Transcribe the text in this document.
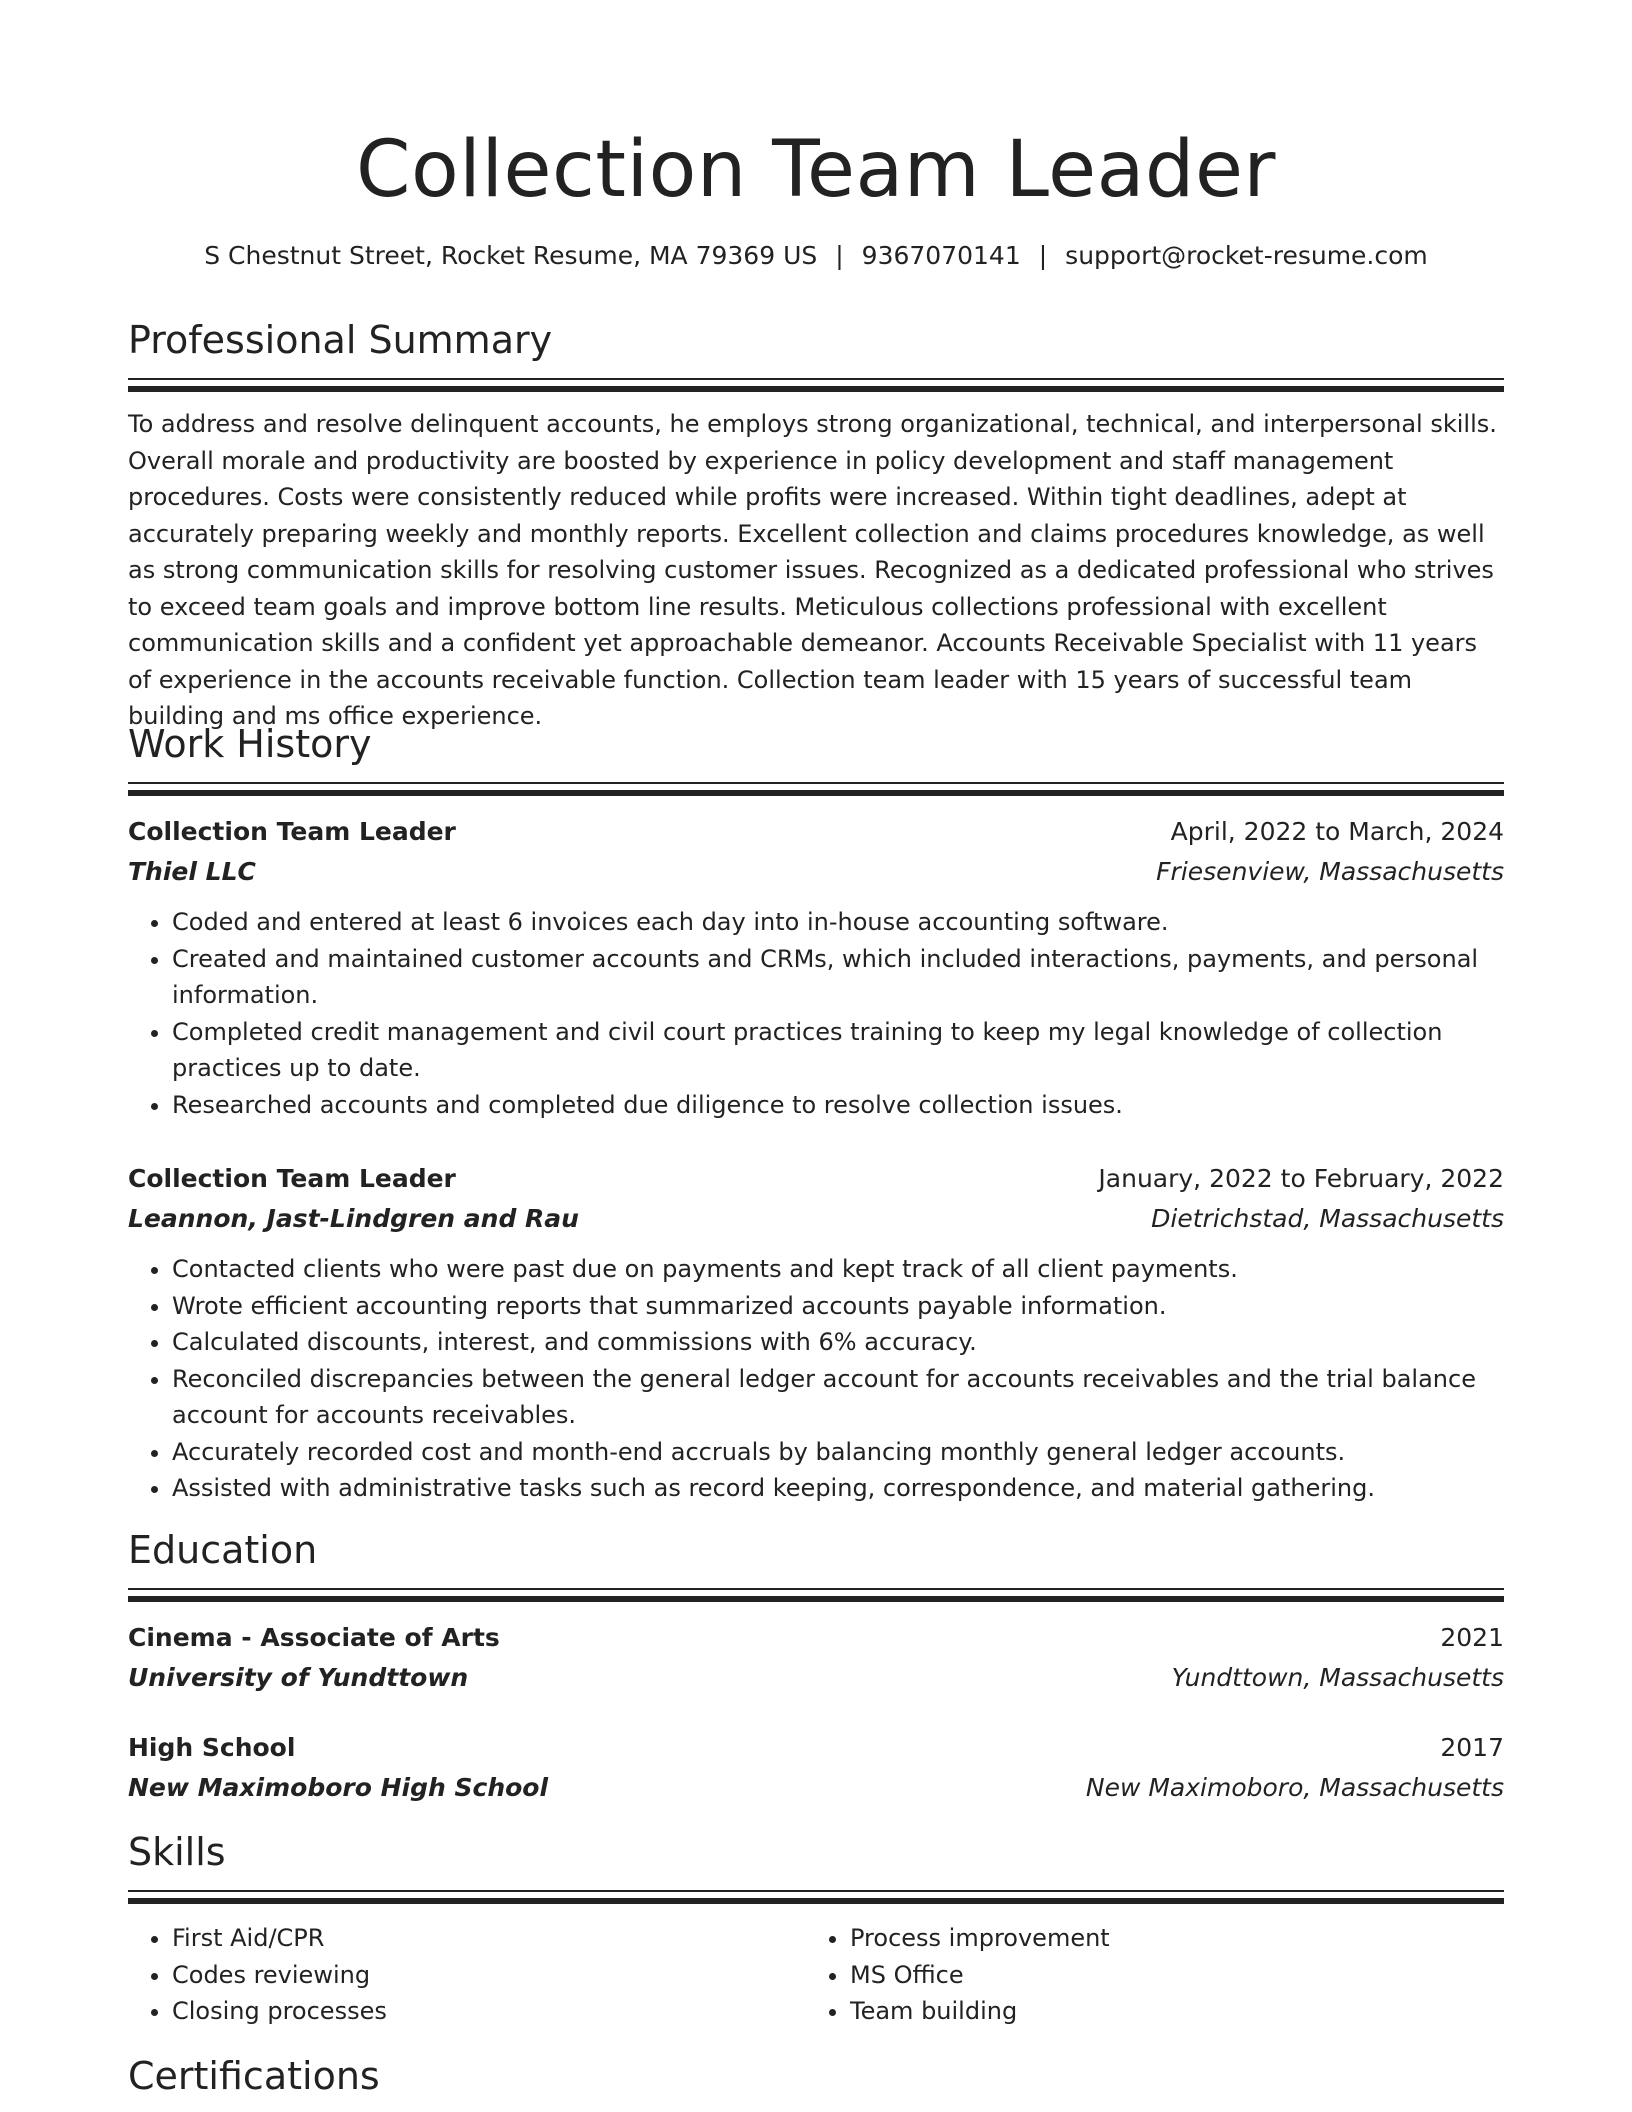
Collection Team Leader
S Chestnut Street, Rocket Resume, MA 79369 US | 9367070141 | support@rocket-resume.com
Professional Summary

To address and resolve delinquent accounts, he employs strong organizational, technical, and interpersonal skills. Overall morale and productivity are boosted by experience in policy development and staff management procedures. Costs were consistently reduced while profits were increased. Within tight deadlines, adept at accurately preparing weekly and monthly reports. Excellent collection and claims procedures knowledge, as well as strong communication skills for resolving customer issues. Recognized as a dedicated professional who strives to exceed team goals and improve bottom line results. Meticulous collections professional with excellent communication skills and a confident yet approachable demeanor. Accounts Receivable Specialist with 11 years of experience in the accounts receivable function. Collection team leader with 15 years of successful team building and ms office experience.

Work History
Collection Team Leader	April, 2022 to March, 2024
Thiel LLC	Friesenview, Massachusetts
• Coded and entered at least 6 invoices each day into in-house accounting software.
• Created and maintained customer accounts and CRMs, which included interactions, payments, and personal information.
• Completed credit management and civil court practices training to keep my legal knowledge of collection practices up to date.
• Researched accounts and completed due diligence to resolve collection issues.
Collection Team Leader	January, 2022 to February, 2022
Leannon, Jast-Lindgren and Rau	Dietrichstad, Massachusetts
• Contacted clients who were past due on payments and kept track of all client payments.
• Wrote efficient accounting reports that summarized accounts payable information.
• Calculated discounts, interest, and commissions with 6% accuracy.
• Reconciled discrepancies between the general ledger account for accounts receivables and the trial balance account for accounts receivables.
• Accurately recorded cost and month-end accruals by balancing monthly general ledger accounts.
• Assisted with administrative tasks such as record keeping, correspondence, and material gathering.
Education
Cinema - Associate of Arts	2021
University of Yundttown	Yundttown, Massachusetts
High School	2017
New Maximoboro High School	New Maximoboro, Massachusetts
Skills
• First Aid/CPR
• Codes reviewing
• Closing processes
• Process improvement
• MS Office
• Team building
Certifications
